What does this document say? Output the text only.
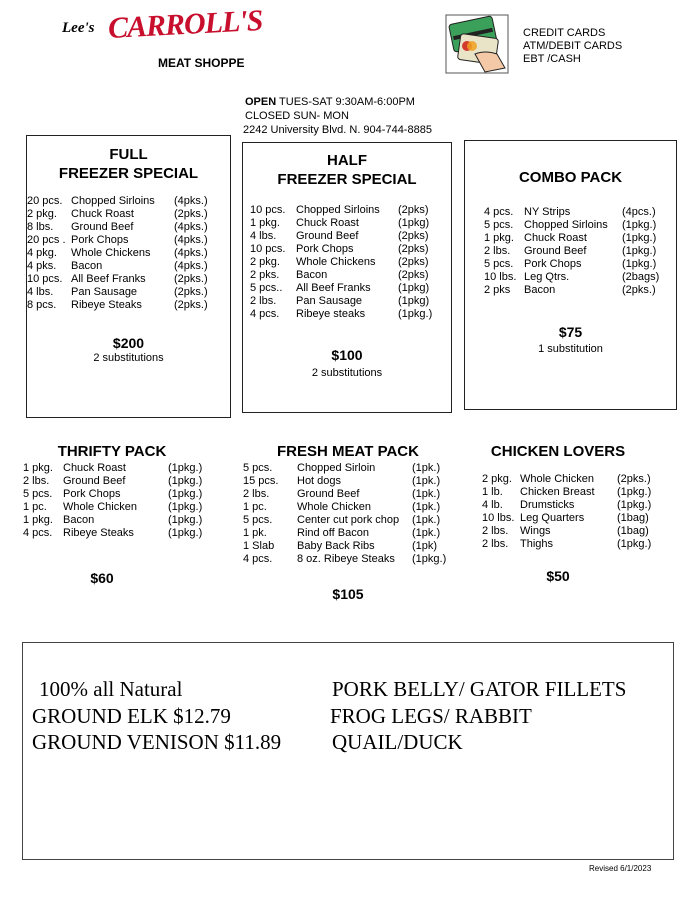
Lee's CARROLL'S
MEAT SHOPPE
CREDIT CARDS
ATM/DEBIT CARDS
EBT /CASH
OPEN TUES-SAT 9:30AM-6:00PM
CLOSED SUN- MON
2242 University Blvd. N. 904-744-8885
FULL
FREEZER SPECIAL
20 pcs. Chopped Sirloins (4pks.)
2 pkg. Chuck Roast	(2pks.)
8 lbs. Ground Beef	(4pks.)
20 pcs . Pork Chops	(4pks.)
4 pkg. Whole Chickens (4pks.)
4 pks. Bacon	(4pks.)
10 pcs. All Beef Franks	(2pks.)
4 lbs. Pan Sausage	(2pks.)
8 pcs. Ribeye Steaks	(2pks.)
$200
2 substitutions
HALF
FREEZER SPECIAL
10 pcs. Chopped Sirloins (2pks)
1 pkg. Chuck Roast	(1pkg)
4 lbs. Ground Beef	(2pks)
10 pcs. Pork Chops	(2pks)
2 pkg. Whole Chickens (2pks)
2 pks. Bacon	(2pks)
5 pcs.. All Beef Franks (1pkg)
2 lbs. Pan Sausage	(1pkg)
4 pcs. Ribeye steaks	(1pkg.)
$100
2 substitutions
COMBO PACK
4 pcs. NY Strips	(4pcs.)
5 pcs. Chopped Sirloins (1pkg.)
1 pkg. Chuck Roast	(1pkg.)
2 lbs. Ground Beef	(1pkg.)
5 pcs. Pork Chops	(1pkg.)
10 lbs. Leg Qtrs.	(2bags)
2 pks Bacon	(2pks.)
$75
1 substitution
THRIFTY PACK
1 pkg. Chuck Roast	(1pkg.)
2 lbs. Ground Beef	(1pkg.)
5 pcs. Pork Chops	(1pkg.)
1 pc. Whole Chicken	(1pkg.)
1 pkg. Bacon	(1pkg.)
4 pcs. Ribeye Steaks	(1pkg.)
$60
FRESH MEAT PACK
5 pcs. Chopped Sirloin	(1pk.)
15 pcs. Hot dogs	(1pk.)
2 lbs.	Ground Beef	(1pk.)
1 pc.	Whole Chicken	(1pk.)
5 pcs. Center cut pork chop (1pk.)
1 pk.	Rind off Bacon	(1pk.)
1 Slab Baby Back Ribs	(1pk)
4 pcs. 8 oz. Ribeye Steaks (1pkg.)
$105
CHICKEN LOVERS
2 pkg. Whole Chicken (2pks.)
1 lb. Chicken Breast (1pkg.)
4 lb. Drumsticks	(1pkg.)
10 lbs. Leg Quarters	(1bag)
2 lbs. Wings	(1bag)
2 lbs. Thighs	(1pkg.)
$50
100% all Natural
GROUND ELK $12.79
GROUND VENISON $11.89
PORK BELLY/ GATOR FILLETS
FROG LEGS/ RABBIT
QUAIL/DUCK
Revised 6/1/2023
